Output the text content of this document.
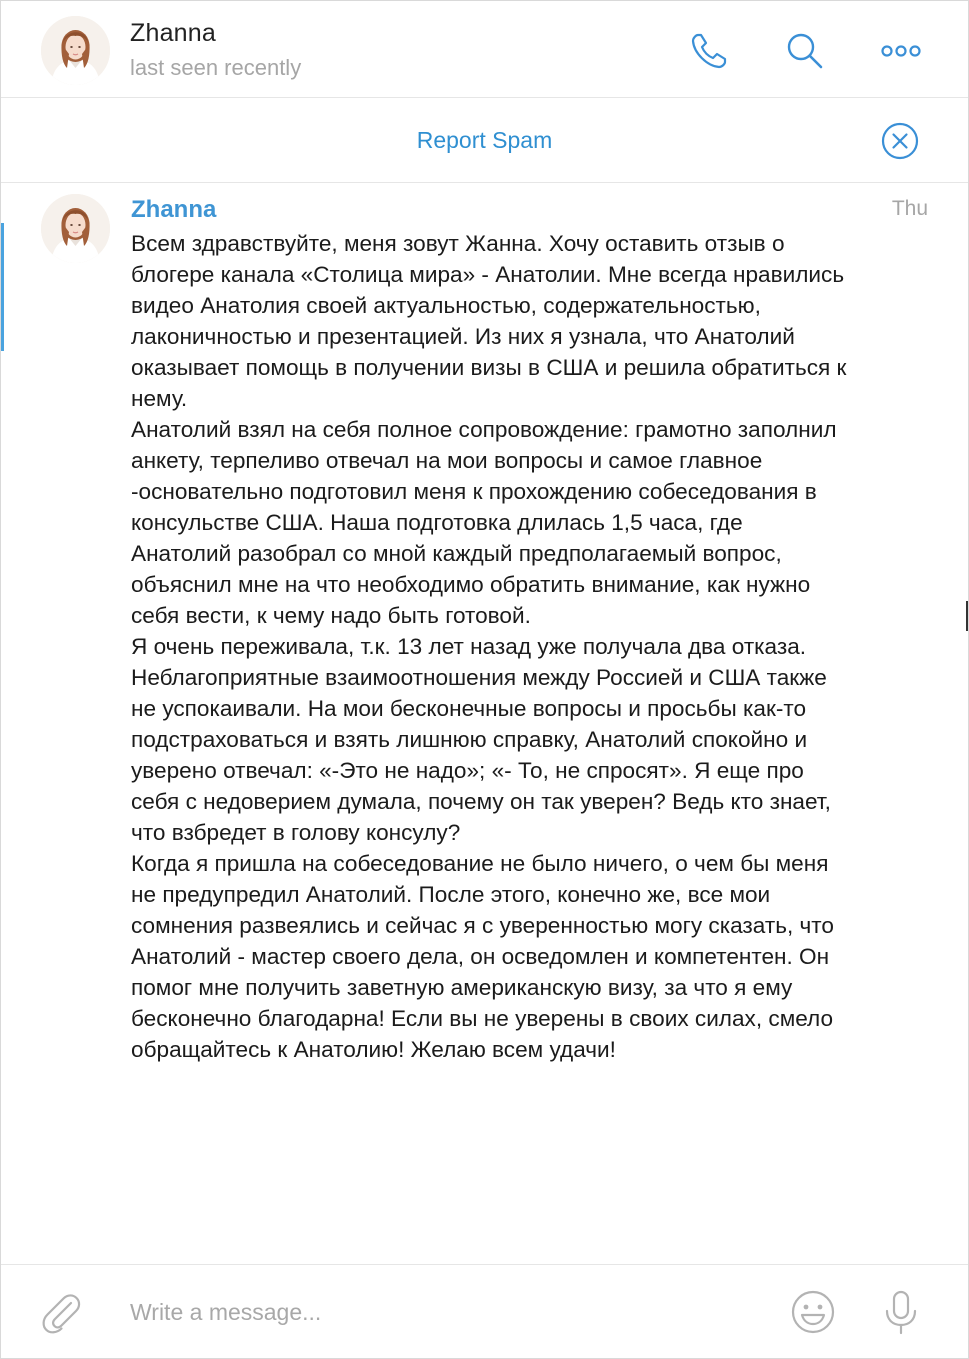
Zhanna
last seen recently
Report Spam
Zhanna	Thu

Всем здравствуйте, меня зовут Жанна. Хочу оставить отзыв о блогере канала «Столица мира» - Анатолии. Мне всегда нравились видео Анатолия своей актуальностью, содержательностью, лаконичностью и презентацией. Из них я узнала, что Анатолий оказывает помощь в получении визы в США и решила обратиться к нему.

Анатолий взял на себя полное сопровождение: грамотно заполнил анкету, терпеливо отвечал на мои вопросы и самое главное -основательно подготовил меня к прохождению собеседования в консульстве США. Наша подготовка длилась 1,5 часа, где Анатолий разобрал со мной каждый предполагаемый вопрос, объяснил мне на что необходимо обратить внимание, как нужно себя вести, к чему надо быть готовой.

Я очень переживала, т.к. 13 лет назад уже получала два отказа. Неблагоприятные взаимоотношения между Россией и США также не успокаивали. На мои бесконечные вопросы и просьбы как-то подстраховаться и взять лишнюю справку, Анатолий спокойно и уверено отвечал: «-Это не надо»; «- То, не спросят». Я еще про себя с недоверием думала, почему он так уверен? Ведь кто знает, что взбредет в голову консулу?

Когда я пришла на собеседование не было ничего, о чем бы меня не предупредил Анатолий. После этого, конечно же, все мои сомнения развеялись и сейчас я с уверенностью могу сказать, что Анатолий - мастер своего дела, он осведомлен и компетентен. Он помог мне получить заветную американскую визу, за что я ему бесконечно благодарна! Если вы не уверены в своих силах, смело обращайтесь к Анатолию! Желаю всем удачи!

Write a message...
